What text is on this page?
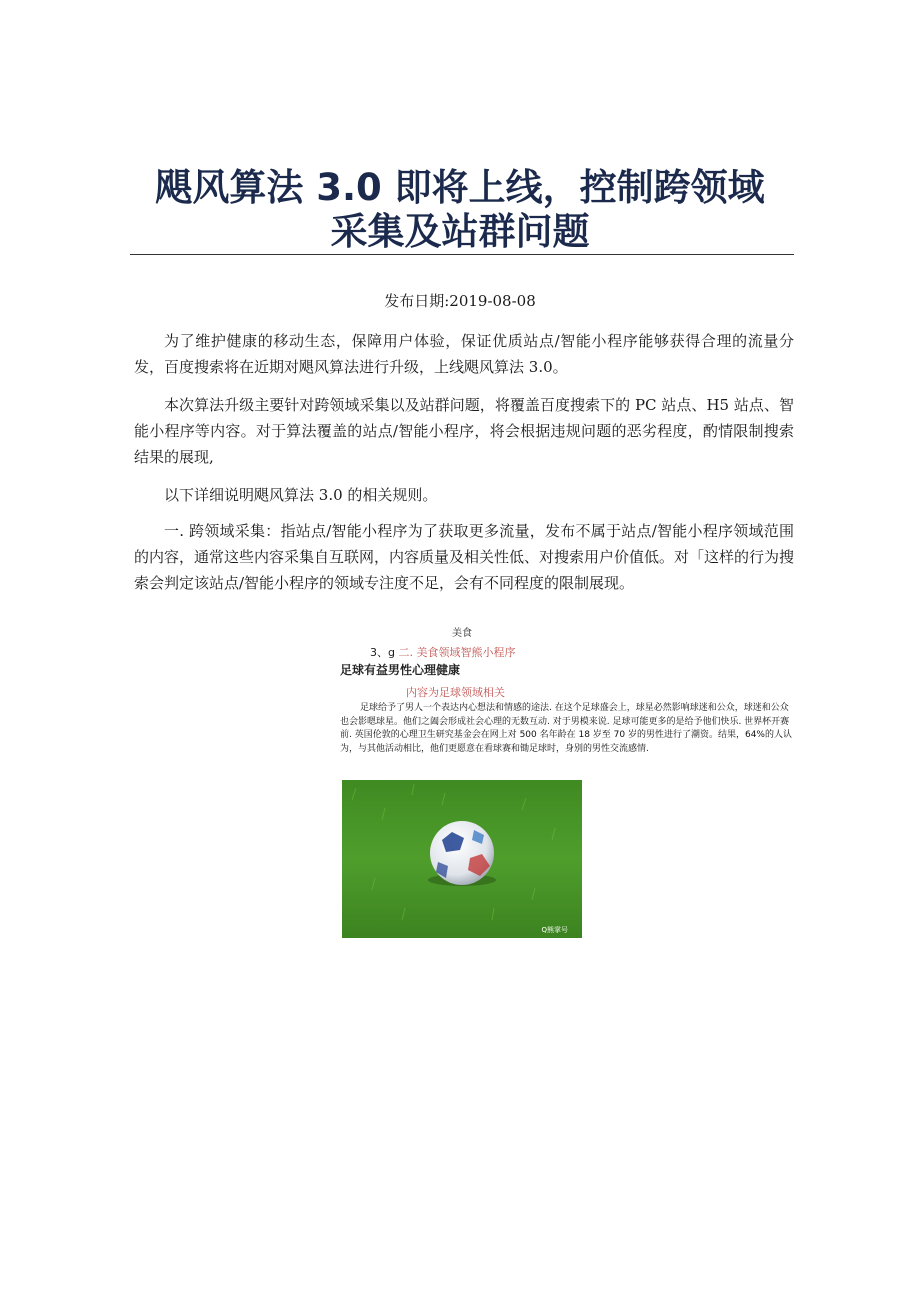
飓风算法 3.0 即将上线，控制跨领域
采集及站群问题
发布日期:2019-08-08

为了维护健康的移动生态，保障用户体验，保证优质站点/智能小程序能够获得合理的流量分发，百度搜索将在近期对飓风算法进行升级，上线飓风算法 3.0。

本次算法升级主要针对跨领域采集以及站群问题，将覆盖百度搜索下的 PC 站点、H5 站点、智能小程序等内容。对于算法覆盖的站点/智能小程序，将会根据违规问题的恶劣程度，酌情限制搜索结果的展现,

以下详细说明飓风算法 3.0 的相关规则。

一. 跨领域采集：指站点/智能小程序为了获取更多流量，发布不属于站点/智能小程序领域范围的内容，通常这些内容采集自互联网，内容质量及相关性低、对搜索用户价值低。对「这样的行为搜索会判定该站点/智能小程序的领域专注度不足，会有不同程度的限制展现。

美食
3、g 二. 美食领域智熊小程序
足球有益男性心理健康
内容为足球领域相关

足球给予了男人一个表达内心想法和情感的途法. 在这个足球盛会上，球星必然影响球迷和公众，球迷和公众也会影嗯球星。他们之阖会形成社会心理的无数互动. 对于男模来说. 足球可能更多的是给予他们快乐. 世界杯开赛前. 英国伦敦的心理卫生研究基金会在网上对 500 名年龄在 18 岁至 70 岁的男性进行了潮资。结果，64%的人认为，与其他活动相比，他们更愿意在看球赛和锄足球时，身别的男性交流感情.

Q熊掌号
